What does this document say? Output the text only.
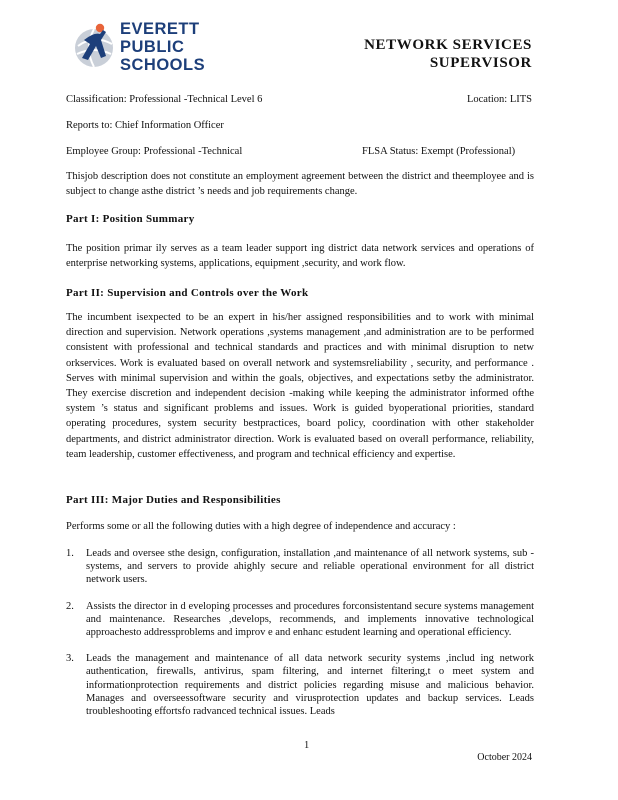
EVERETT
PUBLIC
SCHOOLS
NETWORK SERVICES
SUPERVISOR
Classification: Professional -Technical Level 6	Location: LITS
Reports to: Chief Information Officer
Employee Group: Professional -Technical	FLSA Status: Exempt (Professional)
Thisjob description does not constitute an employment agreement between the district and theemployee and is subject to change asthe district ’s needs and job requirements change.
Part I: Position Summary
The position primar ily serves as a team leader support ing district data network services and operations of enterprise networking systems, applications, equipment ,security, and work flow.
Part II: Supervision and Controls over the Work
The incumbent isexpected to be an expert in his/her assigned responsibilities and to work with minimal direction and supervision. Network operations ,systems management ,and administration are to be performed consistent with professional and technical standards and practices and with minimal disruption to netw orkservices. Work is evaluated based on overall network and systemsreliability , security, and performance . Serves with minimal supervision and within the goals, objectives, and expectations setby the administrator. They exercise discretion and independent decision -making while keeping the administrator informed ofthe system ’s status and significant problems and issues. Work is guided byoperational priorities, standard operating procedures, system security bestpractices, board policy, coordination with other stakeholder departments, and district administrator direction. Work is evaluated based on overall performance, reliability, team leadership, customer effectiveness, and program and technical efficiency and expertise.
Part III: Major Duties and Responsibilities
Performs some or all the following duties with a high degree of independence and accuracy :
1. Leads and oversee sthe design, configuration, installation ,and maintenance of all network systems, sub -systems, and servers to provide ahighly secure and reliable operational environment for all district network users.
2. Assists the director in d eveloping processes and procedures forconsistentand secure systems management and maintenance. Researches ,develops, recommends, and implements innovative technological approachesto addressproblems and improv e and enhanc estudent learning and operational efficiency.
3. Leads the management and maintenance of all data network security systems ,includ ing network authentication, firewalls, antivirus, spam filtering, and internet filtering,t o meet system and informationprotection requirements and district policies regarding misuse and malicious behavior. Manages and overseessoftware security and virusprotection updates and backup services. Leads troubleshooting effortsfo radvanced technical issues. Leads
1
October 2024
